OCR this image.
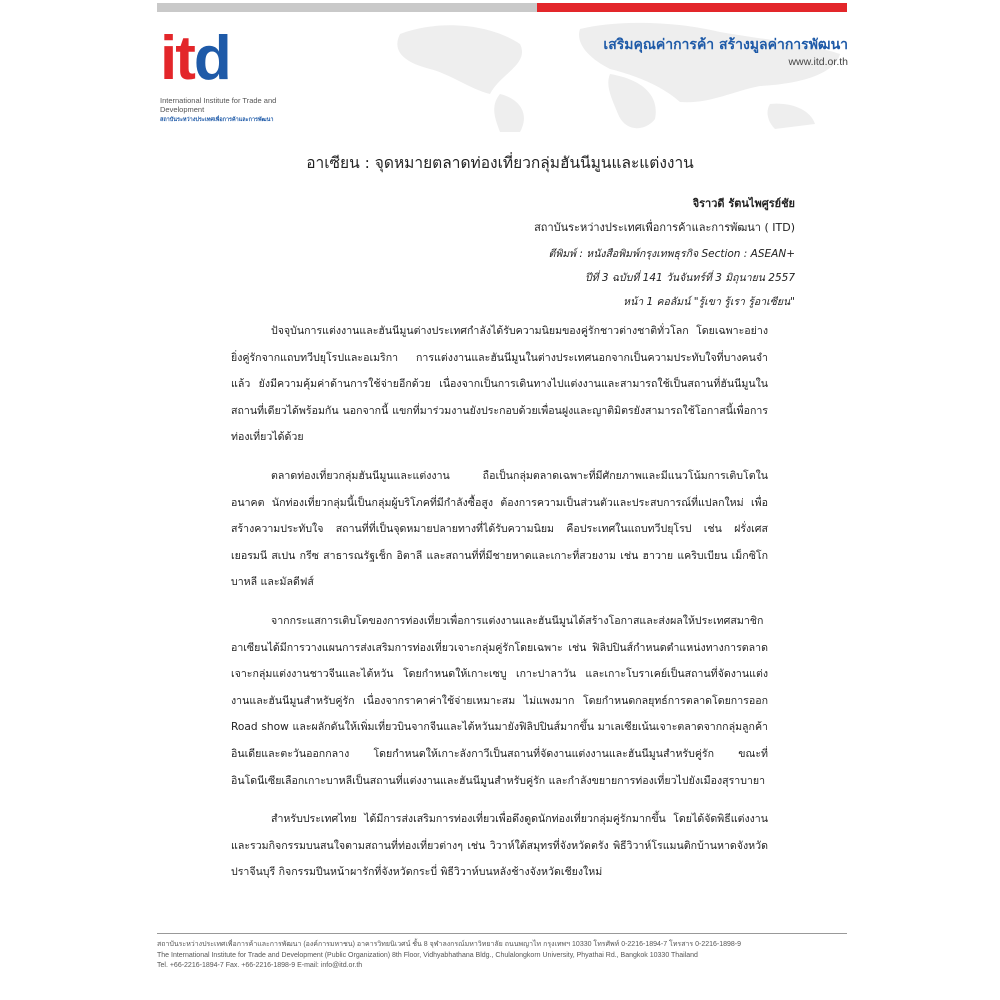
itd
International Institute for Trade and Development
สถาบันระหว่างประเทศเพื่อการค้าและการพัฒนา
เสริมคุณค่าการค้า สร้างมูลค่าการพัฒนา
www.itd.or.th
อาเซียน : จุดหมายตลาดท่องเที่ยวกลุ่มฮันนีมูนและแต่งงาน
จิราวดี รัตนไพศูรย์ชัย
สถาบันระหว่างประเทศเพื่อการค้าและการพัฒนา ( ITD)
ตีพิมพ์ : หนังสือพิมพ์กรุงเทพธุรกิจ Section : ASEAN+
ปีที่ 3 ฉบับที่ 141 วันจันทร์ที่ 3 มิถุนายน 2557
หน้า 1 คอลัมน์ "รู้เขา รู้เรา รู้อาเซียน"

ปัจจุบันการแต่งงานและฮันนีมูนต่างประเทศกำลังได้รับความนิยมของคู่รักชาวต่างชาติทั่วโลก โดยเฉพาะอย่างยิ่งคู่รักจากแถบทวีปยุโรปและอเมริกา การแต่งงานและฮันนีมูนในต่างประเทศนอกจากเป็นความประทับใจที่บางคนจำแล้ว ยังมีความคุ้มค่าด้านการใช้จ่ายอีกด้วย เนื่องจากเป็นการเดินทางไปแต่งงานและสามารถใช้เป็นสถานที่ฮันนีมูนในสถานที่เดียวได้พร้อมกัน นอกจากนี้ แขกที่มาร่วมงานยังประกอบด้วยเพื่อนฝูงและญาติมิตรยังสามารถใช้โอกาสนี้เพื่อการท่องเที่ยวได้ด้วย

ตลาดท่องเที่ยวกลุ่มฮันนีมูนและแต่งงาน ถือเป็นกลุ่มตลาดเฉพาะที่มีศักยภาพและมีแนวโน้มการเติบโตในอนาคต นักท่องเที่ยวกลุ่มนี้เป็นกลุ่มผู้บริโภคที่มีกำลังซื้อสูง ต้องการความเป็นส่วนตัวและประสบการณ์ที่แปลกใหม่ เพื่อสร้างความประทับใจ สถานที่ที่เป็นจุดหมายปลายทางที่ได้รับความนิยม คือประเทศในแถบทวีปยุโรป เช่น ฝรั่งเศส เยอรมนี สเปน กรีซ สาธารณรัฐเช็ก อิตาลี และสถานที่ที่มีชายหาดและเกาะที่สวยงาม เช่น ฮาวาย แคริบเบียน เม็กซิโก บาหลี และมัลดีฟส์

จากกระแสการเติบโตของการท่องเที่ยวเพื่อการแต่งงานและฮันนีมูนได้สร้างโอกาสและส่งผลให้ประเทศสมาชิกอาเซียนได้มีการวางแผนการส่งเสริมการท่องเที่ยวเจาะกลุ่มคู่รักโดยเฉพาะ เช่น ฟิลิปปินส์กำหนดตำแหน่งทางการตลาดเจาะกลุ่มแต่งงานชาวจีนและไต้หวัน โดยกำหนดให้เกาะเซบู เกาะปาลาวัน และเกาะโบราเคย์เป็นสถานที่จัดงานแต่งงานและฮันนีมูนสำหรับคู่รัก เนื่องจากราคาค่าใช้จ่ายเหมาะสม ไม่แพงมาก โดยกำหนดกลยุทธ์การตลาดโดยการออก Road show และผลักดันให้เพิ่มเที่ยวบินจากจีนและไต้หวันมายังฟิลิปปินส์มากขึ้น มาเลเซียเน้นเจาะตลาดจากกลุ่มลูกค้าอินเดียและตะวันออกกลาง โดยกำหนดให้เกาะลังกาวีเป็นสถานที่จัดงานแต่งงานและฮันนีมูนสำหรับคู่รัก ขณะที่อินโดนีเซียเลือกเกาะบาหลีเป็นสถานที่แต่งงานและฮันนีมูนสำหรับคู่รัก และกำลังขยายการท่องเที่ยวไปยังเมืองสุราบายา

สำหรับประเทศไทย ได้มีการส่งเสริมการท่องเที่ยวเพื่อดึงดูดนักท่องเที่ยวกลุ่มคู่รักมากขึ้น โดยได้จัดพิธีแต่งงานและรวมกิจกรรมบนสนใจตามสถานที่ท่องเที่ยวต่างๆ เช่น วิวาห์ใต้สมุทรที่จังหวัดตรัง พิธีวิวาห์โรแมนติกบ้านหาดจังหวัดปราจีนบุรี กิจกรรมปีนหน้าผารักที่จังหวัดกระบี่ พิธีวิวาห์บนหลังช้างจังหวัดเชียงใหม่

สถาบันระหว่างประเทศเพื่อการค้าและการพัฒนา (องค์การมหาชน) อาคารวิทยนิเวศน์ ชั้น 8 จุฬาลงกรณ์มหาวิทยาลัย ถนนพญาไท กรุงเทพฯ 10330 โทรศัพท์ 0-2216-1894-7 โทรสาร 0-2216-1898-9
The International Institute for Trade and Development (Public Organization) 8th Floor, Vidhyabhathana Bldg., Chulalongkorn University, Phyathai Rd., Bangkok 10330 Thailand
Tel. +66-2216-1894-7 Fax. +66-2216-1898-9 E-mail: info@itd.or.th
